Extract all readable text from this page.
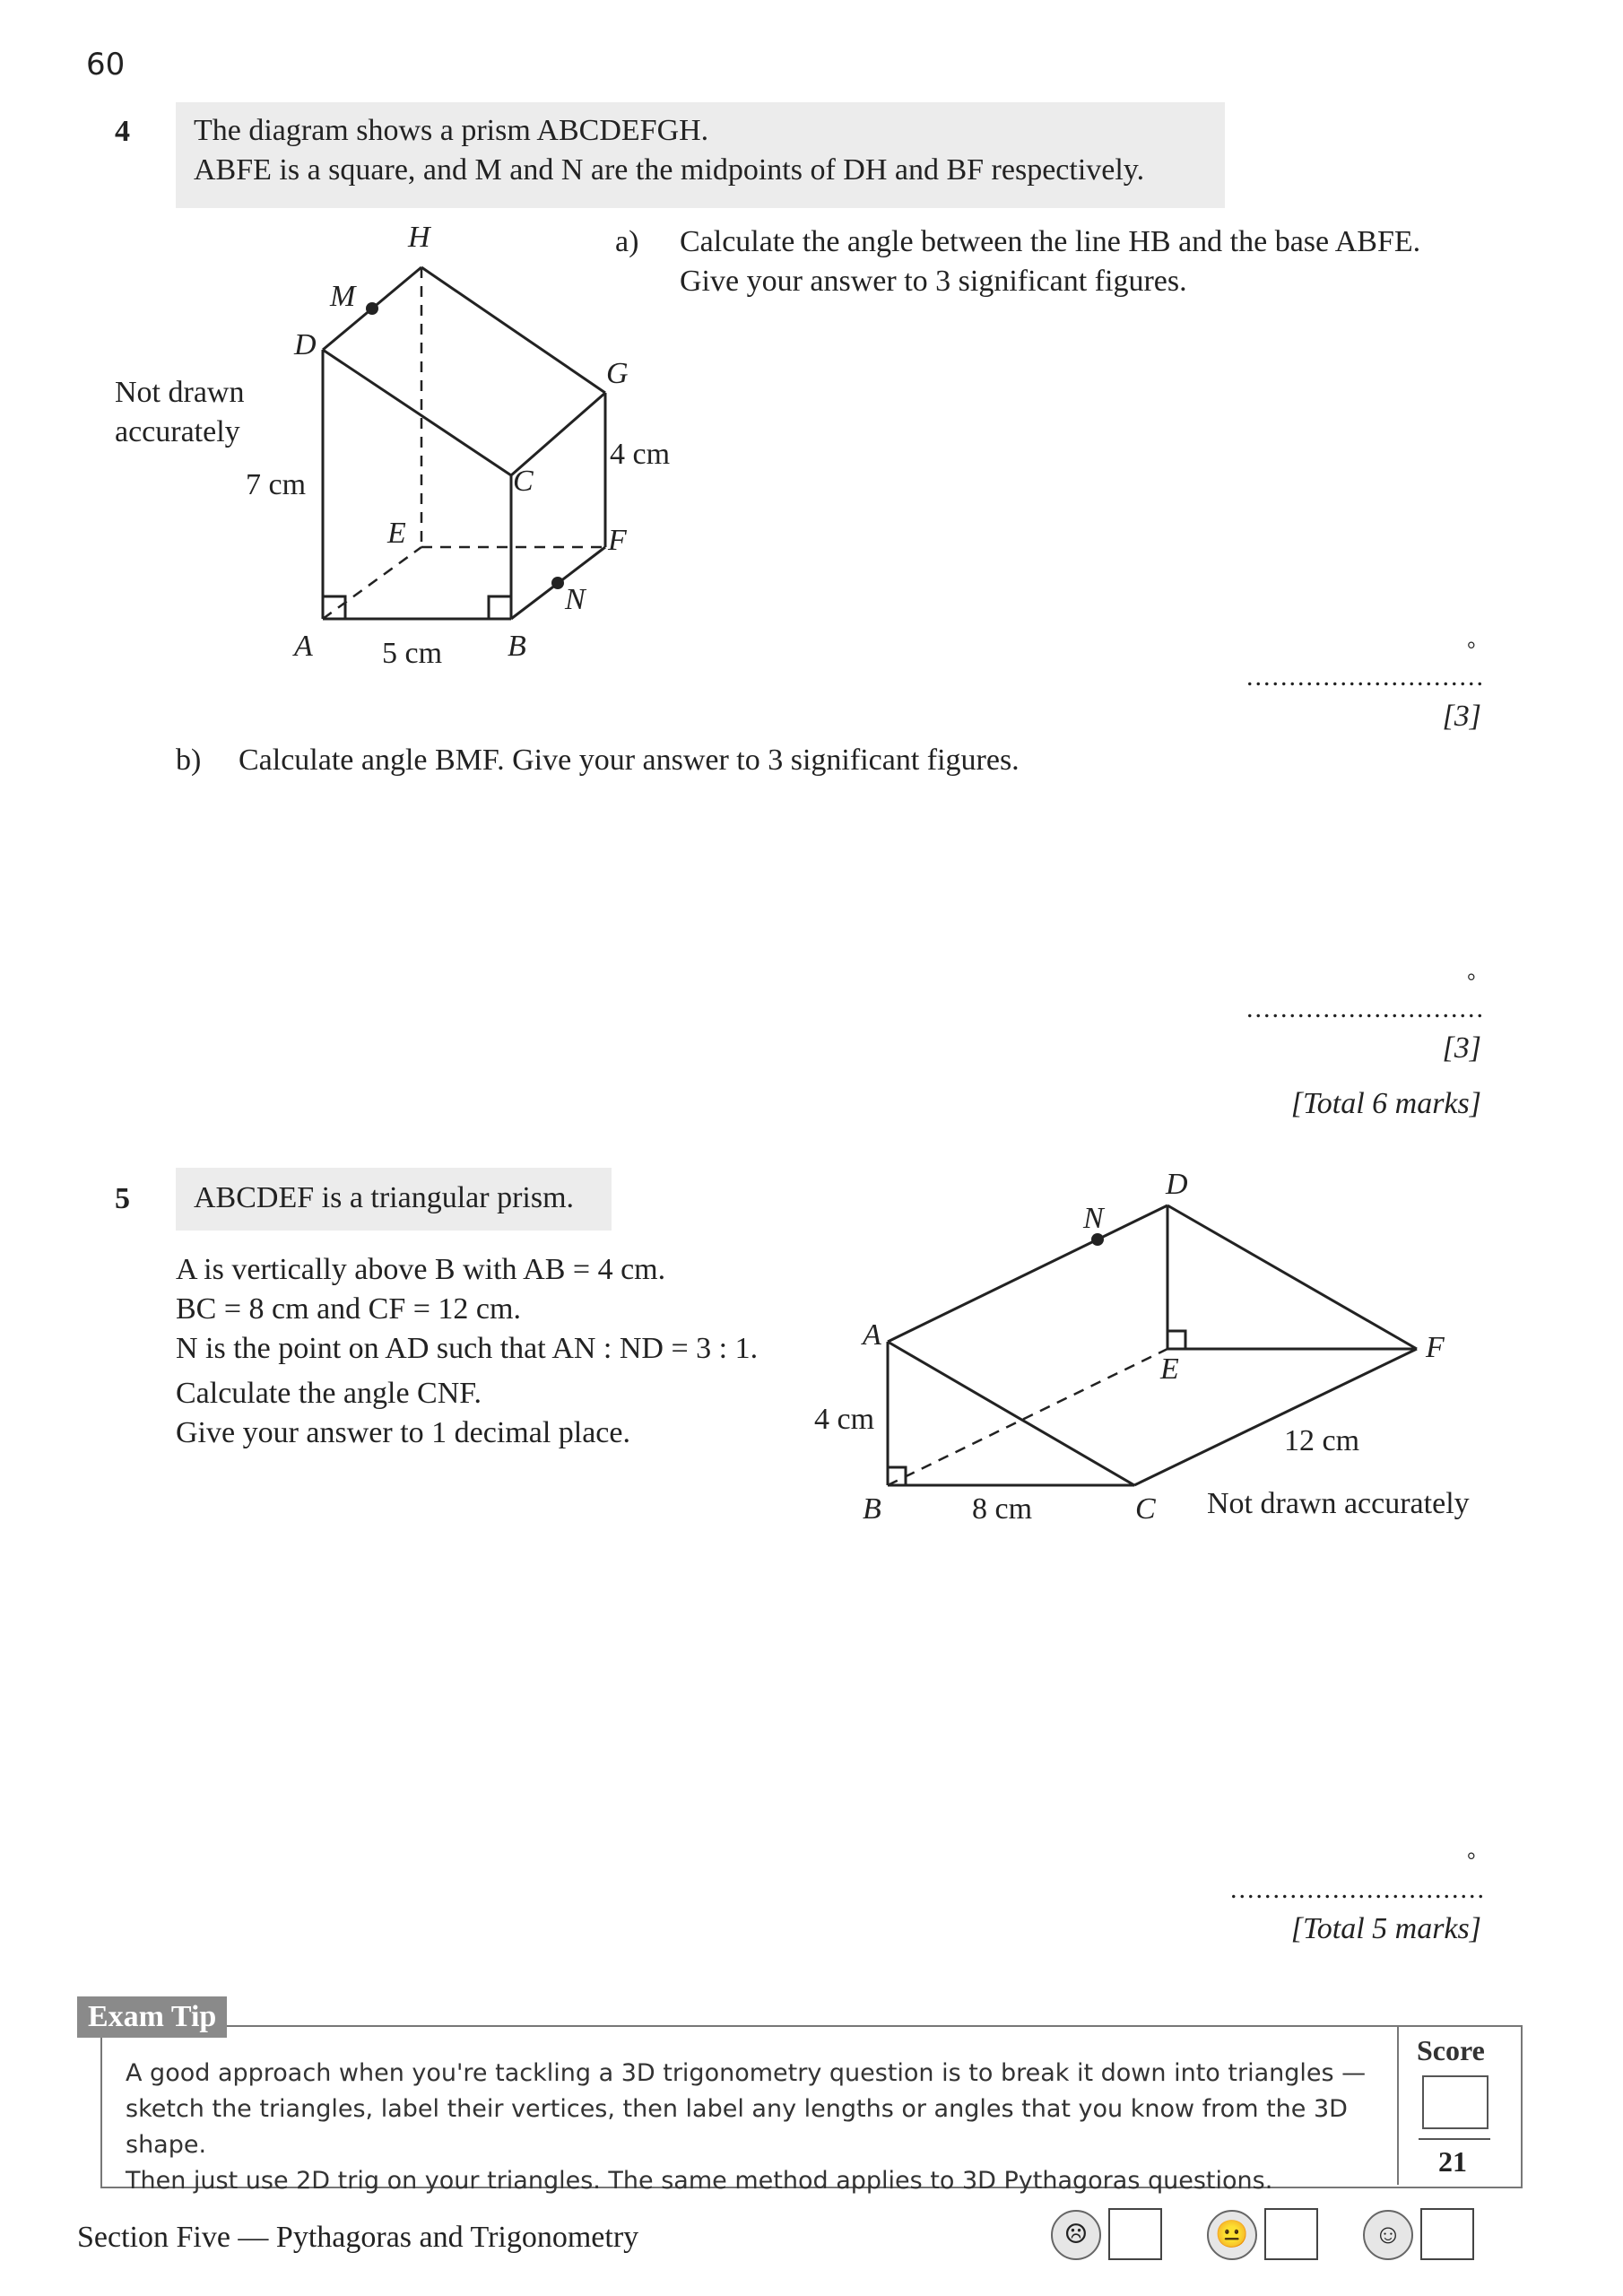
60
4 The diagram shows a prism ABCDEFGH.
ABFE is a square, and M and N are the midpoints of DH and BF respectively.
Not drawn
accurately
H
M
D
G
C
E	F
N
A	B
7 cm
4 cm
5 cm
a) Calculate the angle between the line HB and the base ABFE.
Give your answer to 3 significant figures.
............................
°
[3]
b) Calculate angle BMF. Give your answer to 3 significant figures.
............................
°
[3]
[Total 6 marks]
5	ABCDEF is a triangular prism.
A is vertically above B with AB = 4 cm.
BC = 8 cm and CF = 12 cm.
N is the point on AD such that AN : ND = 3 : 1.
Calculate the angle CNF.
Give your answer to 1 decimal place.
D
N
A
E
F
B	C
4 cm
8 cm
12 cm
Not drawn accurately
..............................
°
[Total 5 marks]
Exam Tip
A good approach when you're tackling a 3D trigonometry question is to break it down into triangles —
sketch the triangles, label their vertices, then label any lengths or angles that you know from the 3D shape.
Then just use 2D trig on your triangles. The same method applies to 3D Pythagoras questions.
Score
21
Section Five — Pythagoras and Trigonometry	☹	😐	☺
